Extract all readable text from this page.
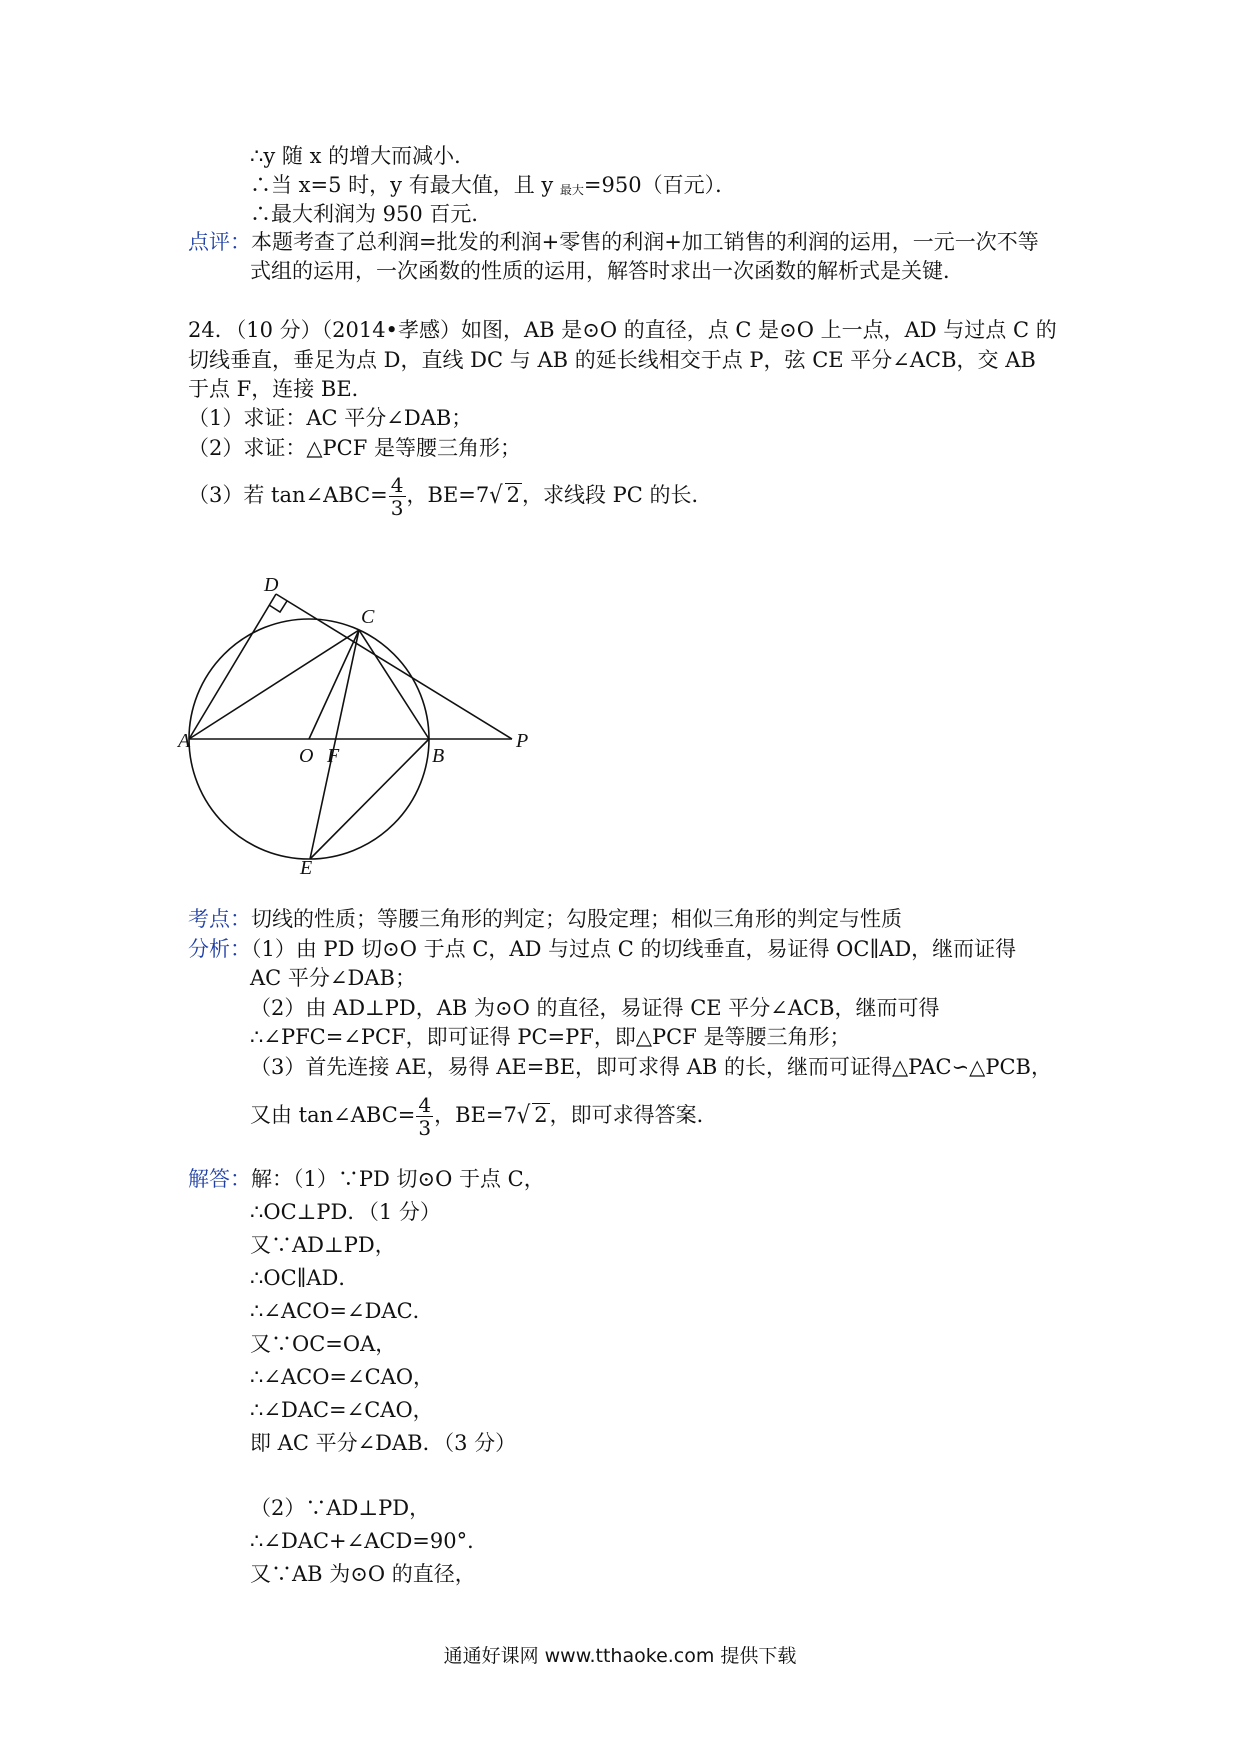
∴y 随 x 的增大而减小．
∴当 x=5 时，y 有最大值，且 y 最大=950（百元）．
∴最大利润为 950 百元．
点评：本题考查了总利润=批发的利润+零售的利润+加工销售的利润的运用，一元一次不等
式组的运用，一次函数的性质的运用，解答时求出一次函数的解析式是关键．
24．（10 分）（2014•孝感）如图，AB 是⊙O 的直径，点 C 是⊙O 上一点，AD 与过点 C 的
切线垂直，垂足为点 D，直线 DC 与 AB 的延长线相交于点 P，弦 CE 平分∠ACB，交 AB
于点 F，连接 BE．
（1）求证：AC 平分∠DAB；
（2）求证：△PCF 是等腰三角形；
（3）若 tan∠ABC= $\frac{4}{3}$ ，BE=7√ 2，求线段 PC 的长．
D
C
A
O F	B
P
E
考点：切线的性质；等腰三角形的判定；勾股定理；相似三角形的判定与性质
分析：（1）由 PD 切⊙O 于点 C，AD 与过点 C 的切线垂直，易证得 OC∥AD，继而证得
AC 平分∠DAB；
（2）由 AD⊥PD，AB 为⊙O 的直径，易证得 CE 平分∠ACB，继而可得
∴∠PFC=∠PCF，即可证得 PC=PF，即△PCF 是等腰三角形；
（3）首先连接 AE，易得 AE=BE，即可求得 AB 的长，继而可证得△PAC∽△PCB，
又由 tan∠ABC= $\frac{4}{3}$ ，BE=7√ 2，即可求得答案．
解答：解：（1）∵PD 切⊙O 于点 C，
∴OC⊥PD．（1 分）
又∵AD⊥PD，
∴OC∥AD．
∴∠ACO=∠DAC．
又∵OC=OA，
∴∠ACO=∠CAO，
∴∠DAC=∠CAO，
即 AC 平分∠DAB．（3 分）
（2）∵AD⊥PD，
∴∠DAC+∠ACD=90°．
又∵AB 为⊙O 的直径，
通通好课网 www.tthaoke.com 提供下载
